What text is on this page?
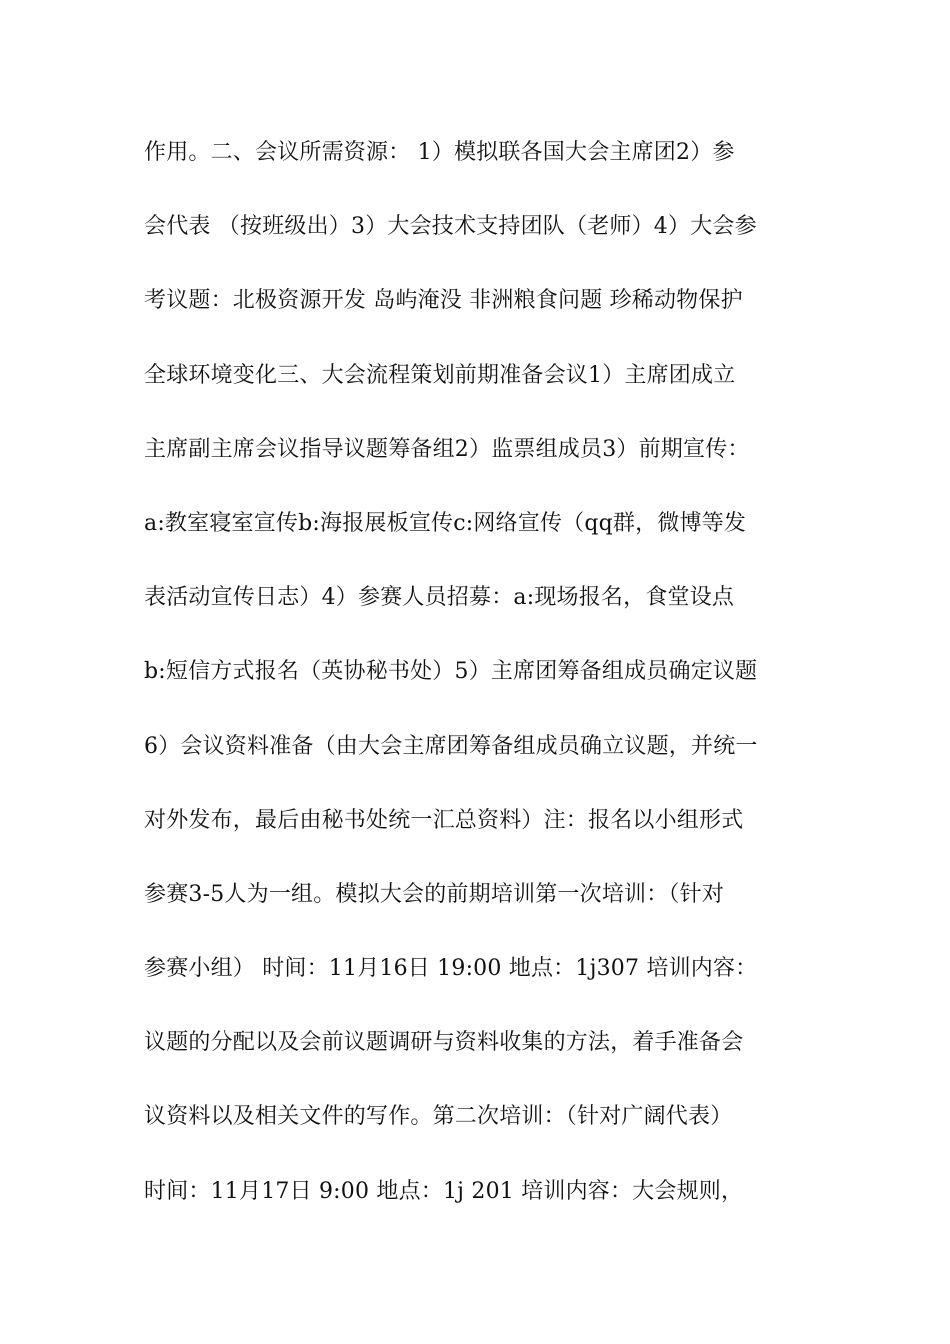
作用。二、会议所需资源： 1）模拟联各国大会主席团2）参
会代表 （按班级出）3）大会技术支持团队（老师）4）大会参
考议题：北极资源开发 岛屿淹没 非洲粮食问题 珍稀动物保护
全球环境变化三、大会流程策划前期准备会议1）主席团成立
主席副主席会议指导议题筹备组2）监票组成员3）前期宣传：
a:教室寝室宣传b:海报展板宣传c:网络宣传（qq群，微博等发
表活动宣传日志）4）参赛人员招募：a:现场报名，食堂设点
b:短信方式报名（英协秘书处）5）主席团筹备组成员确定议题
6）会议资料准备（由大会主席团筹备组成员确立议题，并统一
对外发布，最后由秘书处统一汇总资料）注：报名以小组形式
参赛3-5人为一组。模拟大会的前期培训第一次培训：（针对
参赛小组） 时间：11月16日 19:00 地点：1j307 培训内容：
议题的分配以及会前议题调研与资料收集的方法，着手准备会
议资料以及相关文件的写作。第二次培训：（针对广阔代表）
时间：11月17日 9:00 地点：1j 201 培训内容：大会规则，
